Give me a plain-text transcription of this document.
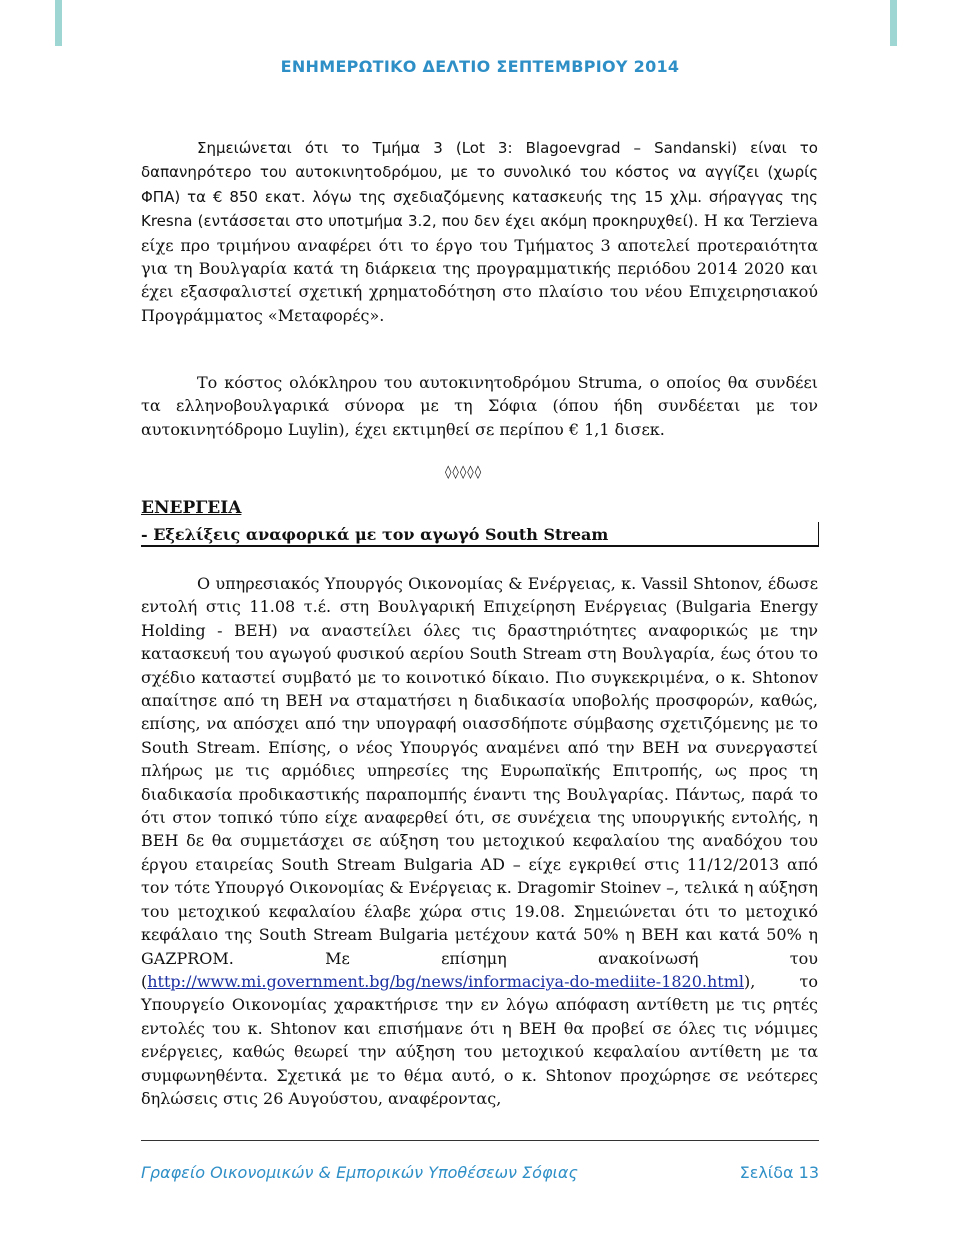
ΕΝΗΜΕΡΩΤΙΚΟ ΔΕΛΤΙΟ ΣΕΠΤΕΜΒΡΙΟΥ 2014

Σημειώνεται ότι το Τμήμα 3 (Lot 3: Blagoevgrad – Sandanski) είναι το δαπανηρότερο του αυτοκινητοδρόμου, με το συνολικό του κόστος να αγγίζει (χωρίς ΦΠΑ) τα € 850 εκατ. λόγω της σχεδιαζόμενης κατασκευής της 15 χλμ. σήραγγας της Kresna (εντάσσεται στο υποτμήμα 3.2, που δεν έχει ακόμη προκηρυχθεί). Η κα Terzieva είχε προ τριμήνου αναφέρει ότι το έργο του Τμήματος 3 αποτελεί προτεραιότητα για τη Βουλγαρία κατά τη διάρκεια της προγραμματικής περιόδου 2014 2020 και έχει εξασφαλιστεί σχετική χρηματοδότηση στο πλαίσιο του νέου Επιχειρησιακού Προγράμματος «Μεταφορές».

Το κόστος ολόκληρου του αυτοκινητοδρόμου Struma, ο οποίος θα συνδέει τα ελληνοβουλγαρικά σύνορα με τη Σόφια (όπου ήδη συνδέεται με τον αυτοκινητόδρομο Luylin), έχει εκτιμηθεί σε περίπου € 1,1 δισεκ.

◊◊◊◊◊
ΕΝΕΡΓΕΙΑ
- Εξελίξεις αναφορικά με τον αγωγό South Stream

Ο υπηρεσιακός Υπουργός Οικονομίας & Ενέργειας, κ. Vassil Shtonov, έδωσε εντολή στις 11.08 τ.έ. στη Βουλγαρική Επιχείρηση Ενέργειας (Bulgaria Energy Holding - BEH) να αναστείλει όλες τις δραστηριότητες αναφορικώς με την κατασκευή του αγωγού φυσικού αερίου South Stream στη Βουλγαρία, έως ότου το σχέδιο καταστεί συμβατό με το κοινοτικό δίκαιο. Πιο συγκεκριμένα, ο κ. Shtonov απαίτησε από τη BEH να σταματήσει η διαδικασία υποβολής προσφορών, καθώς, επίσης, να απόσχει από την υπογραφή οιασσδήποτε σύμβασης σχετιζόμενης με το South Stream. Επίσης, ο νέος Υπουργός αναμένει από την BEH να συνεργαστεί πλήρως με τις αρμόδιες υπηρεσίες της Ευρωπαϊκής Επιτροπής, ως προς τη διαδικασία προδικαστικής παραπομπής έναντι της Βουλγαρίας. Πάντως, παρά το ότι στον τοπικό τύπο είχε αναφερθεί ότι, σε συνέχεια της υπουργικής εντολής, η BEH δε θα συμμετάσχει σε αύξηση του μετοχικού κεφαλαίου της αναδόχου του έργου εταιρείας South Stream Bulgaria AD – είχε εγκριθεί στις 11/12/2013 από τον τότε Υπουργό Οικονομίας & Ενέργειας κ. Dragomir Stoinev –, τελικά η αύξηση του μετοχικού κεφαλαίου έλαβε χώρα στις 19.08. Σημειώνεται ότι το μετοχικό κεφάλαιο της South Stream Bulgaria μετέχουν κατά 50% η BEH και κατά 50% η GAZPROM. Με επίσημη ανακοίνωσή του (http://www.mi.government.bg/bg/news/informaciya-do-mediite-1820.html), το Υπουργείο Οικονομίας χαρακτήρισε την εν λόγω απόφαση αντίθετη με τις ρητές εντολές του κ. Shtonov και επισήμανε ότι η BEH θα προβεί σε όλες τις νόμιμες ενέργειες, καθώς θεωρεί την αύξηση του μετοχικού κεφαλαίου αντίθετη με τα συμφωνηθέντα. Σχετικά με το θέμα αυτό, ο κ. Shtonov προχώρησε σε νεότερες δηλώσεις στις 26 Αυγούστου, αναφέροντας,

Γραφείο Οικονομικών & Εμπορικών Υποθέσεων Σόφιας	Σελίδα 13
